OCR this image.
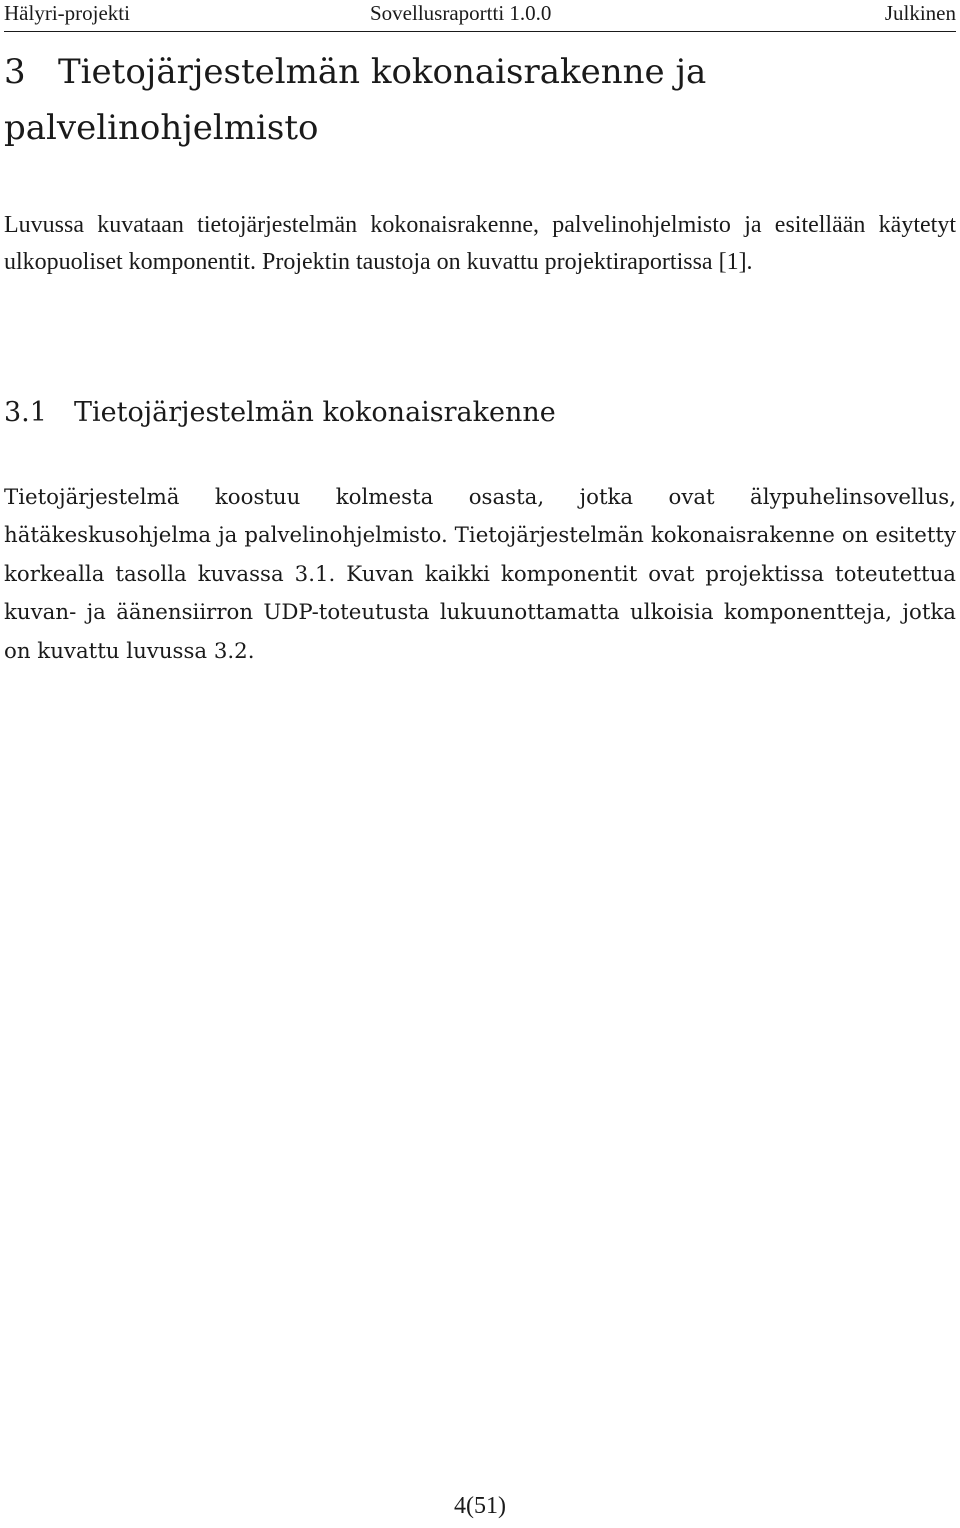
Hälyri-projekti	Sovellusraportti 1.0.0	Julkinen
3 Tietojärjestelmän kokonaisrakenne ja palvelinohjelmisto

Luvussa kuvataan tietojärjestelmän kokonaisrakenne, palvelinohjelmisto ja esitellään käytetyt ulkopuoliset komponentit. Projektin taustoja on kuvattu projektiraportissa [1].

3.1 Tietojärjestelmän kokonaisrakenne

Tietojärjestelmä koostuu kolmesta osasta, jotka ovat älypuhelinsovellus, hätäkeskusohjelma ja palvelinohjelmisto. Tietojärjestelmän kokonaisrakenne on esitetty korkealla tasolla kuvassa 3.1. Kuvan kaikki komponentit ovat projektissa toteutettua kuvan- ja äänensiirron UDP-toteutusta lukuunottamatta ulkoisia komponentteja, jotka on kuvattu luvussa 3.2.

4(51)
